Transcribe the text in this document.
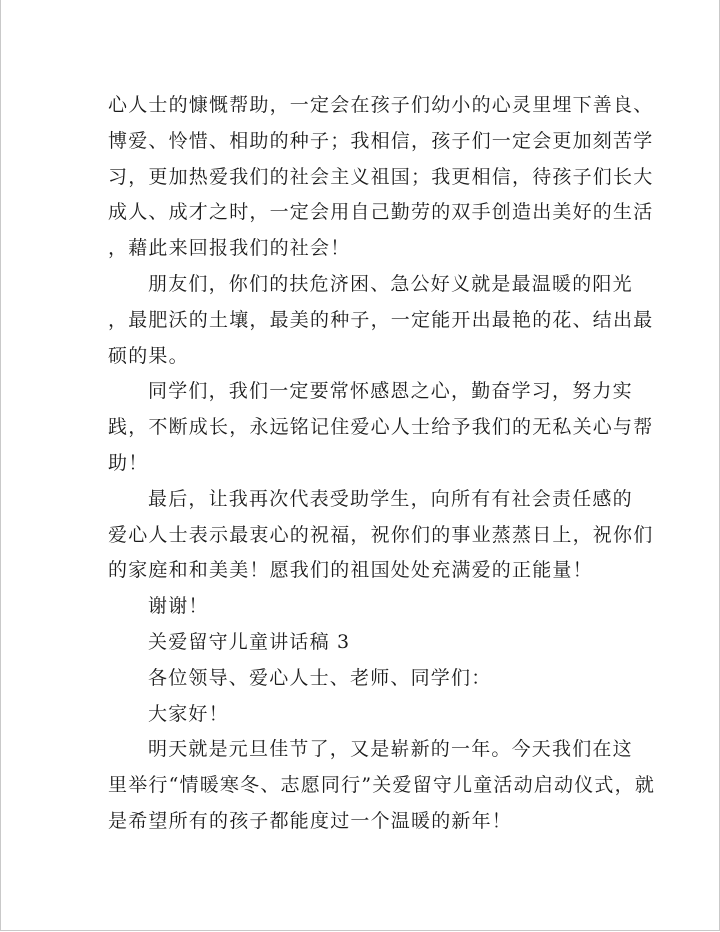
心人士的慷慨帮助，一定会在孩子们幼小的心灵里埋下善良、
博爱、怜惜、相助的种子；我相信，孩子们一定会更加刻苦学
习，更加热爱我们的社会主义祖国；我更相信，待孩子们长大
成人、成才之时，一定会用自己勤劳的双手创造出美好的生活
，藉此来回报我们的社会！

朋友们，你们的扶危济困、急公好义就是最温暖的阳光
，最肥沃的土壤，最美的种子，一定能开出最艳的花、结出最
硕的果。

同学们，我们一定要常怀感恩之心，勤奋学习，努力实
践，不断成长，永远铭记住爱心人士给予我们的无私关心与帮
助！

最后，让我再次代表受助学生，向所有有社会责任感的
爱心人士表示最衷心的祝福，祝你们的事业蒸蒸日上，祝你们
的家庭和和美美！愿我们的祖国处处充满爱的正能量！

谢谢！

关爱留守儿童讲话稿 3

各位领导、爱心人士、老师、同学们：

大家好！

明天就是元旦佳节了，又是崭新的一年。今天我们在这
里举行“情暖寒冬、志愿同行”关爱留守儿童活动启动仪式，就
是希望所有的孩子都能度过一个温暖的新年！
